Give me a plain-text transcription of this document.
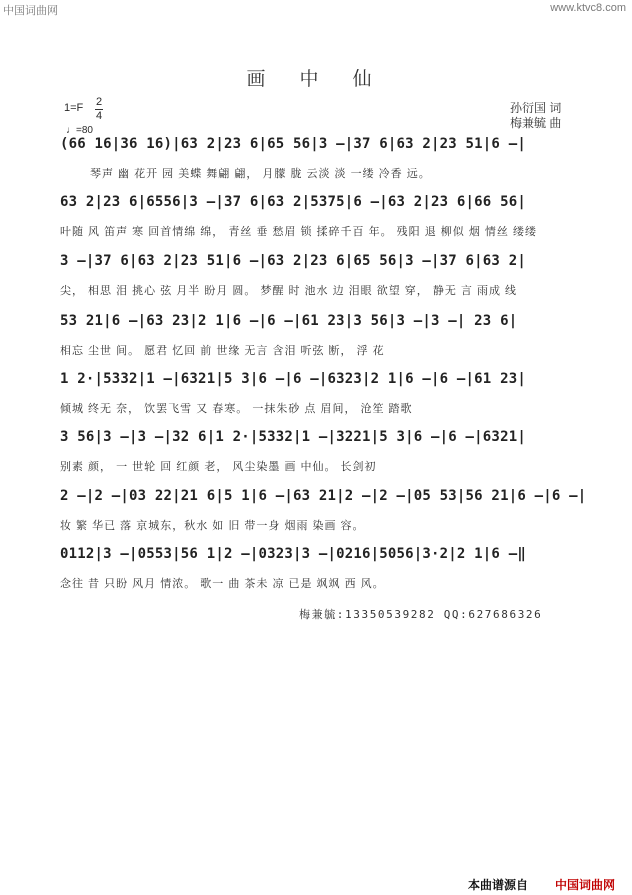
中国词曲网	www.ktvc8.com
画 中 仙
1=F 2
4
♩=80
孙衍国 词
梅兼毓 曲
(66 16|36 16)|63 2|23 6|65 56|3 –|37 6|63 2|23 51|6 –|
琴声 幽 花开 园 美蝶 舞翩 翩， 月朦 胧 云淡 淡 一缕 冷香 远。
63 2|23 6|6556|3 –|37 6|63 2|5375|6 –|63 2|23 6|66 56|
叶随 风 笛声 寒 回首情绵 绵， 青丝 垂 愁眉 锁 揉碎千百 年。 残阳 退 柳似 烟 情丝 缕缕
3 –|37 6|63 2|23 51|6 –|63 2|23 6|65 56|3 –|37 6|63 2|
尖， 相思 泪 挑心 弦 月半 盼月 圆。 梦醒 时 池水 边 泪眼 欲望 穿， 静无 言 雨成 线
53 21|6 –|63 23|2 1|6 –|6 –|61 23|3 56|3 –|3 –| 23 6|
相忘 尘世 间。 愿君 忆回 前 世缘 无言 含泪 听弦 断， 浮 花
1 2·|5332|1 –|6321|5 3|6 –|6 –|6323|2 1|6 –|6 –|61 23|
倾城 终无 奈， 饮罢飞雪 又 春寒。 一抹朱砂 点 眉间， 沧笙 踏歌
3 56|3 –|3 –|32 6|1 2·|5332|1 –|3221|5 3|6 –|6 –|6321|
别素 颜， 一 世轮 回 红颜 老， 风尘染墨 画 中仙。 长剑初
2 –|2 –|03 22|21 6|5 1|6 –|63 21|2 –|2 –|05 53|56 21|6 –|6 –|
妆 繁 华已 落 京城东，秋水 如 旧 带一身 烟雨 染画 容。
0112|3 –|0553|56 1|2 –|0323|3 –|0216|5056|3·2|2 1|6 –‖
念往 昔 只盼 风月 情浓。 歌一 曲 茶未 凉 已是 飒飒 西 风。
梅兼毓:13350539282 QQ:627686326
本曲谱源自 中国词曲网
